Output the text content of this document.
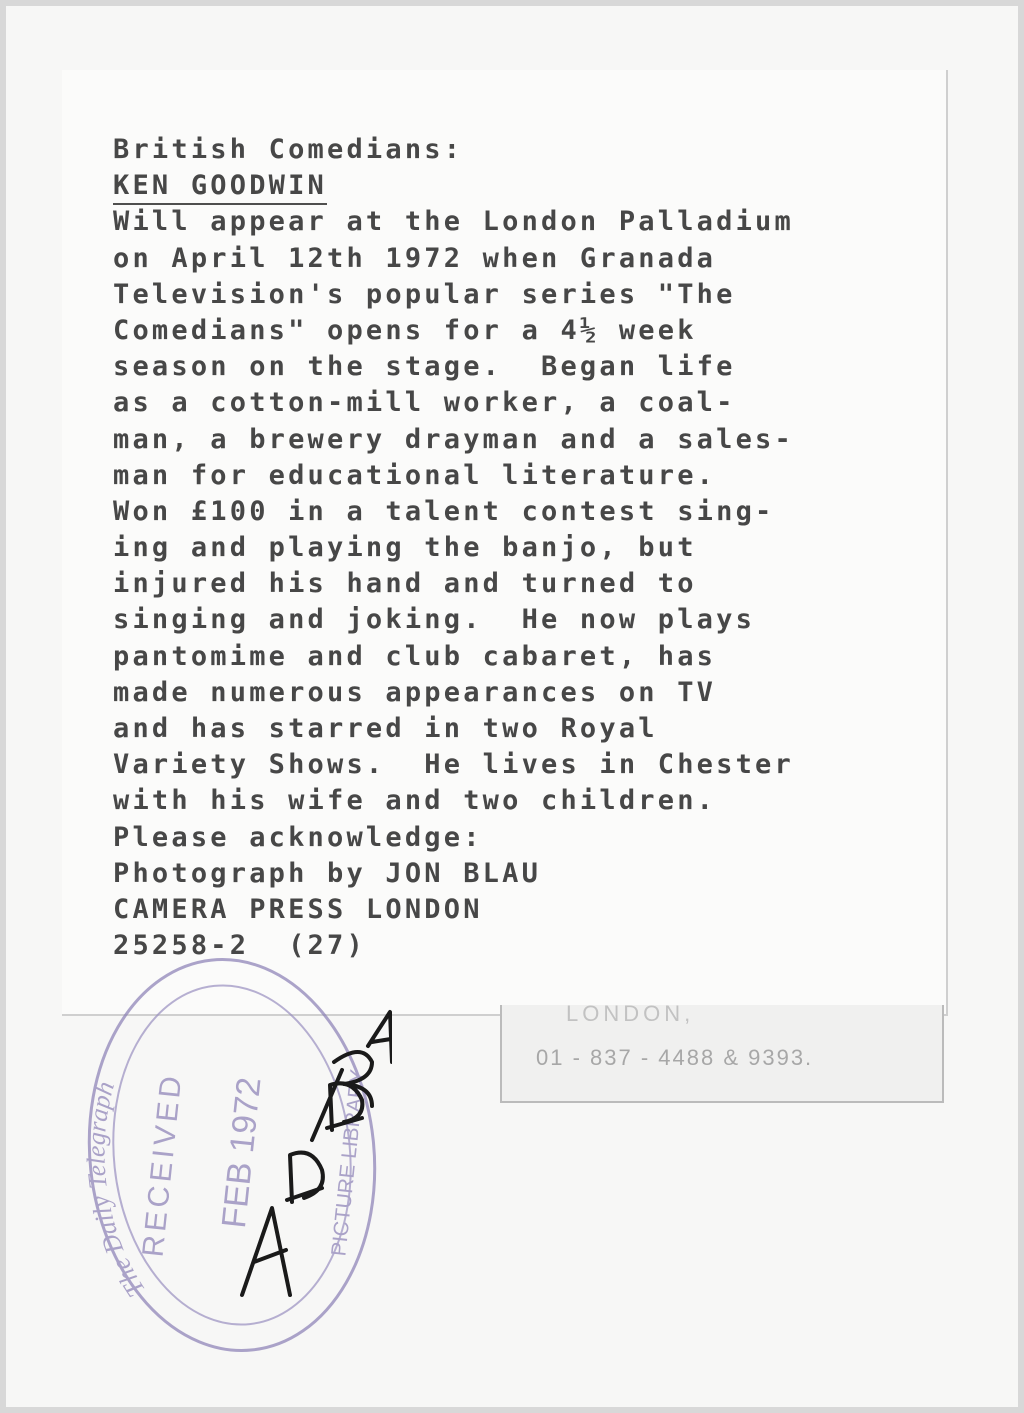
British Comedians:
KEN GOODWIN
Will appear at the London Palladium
on April 12th 1972 when Granada
Television's popular series "The
Comedians" opens for a 4½ week
season on the stage.  Began life
as a cotton-mill worker, a coal-
man, a brewery drayman and a sales-
man for educational literature.
Won £100 in a talent contest sing-
ing and playing the banjo, but
injured his hand and turned to
singing and joking.  He now plays
pantomime and club cabaret, has
made numerous appearances on TV
and has starred in two Royal
Variety Shows.  He lives in Chester
with his wife and two children.
Please acknowledge:
Photograph by JON BLAU
CAMERA PRESS LONDON
25258-2  (27)
LONDON,
01 - 837 - 4488 & 9393.
The Daily Telegraph RECEIVED FEB 1972	PICTURE LIBRARY
A 5/584
